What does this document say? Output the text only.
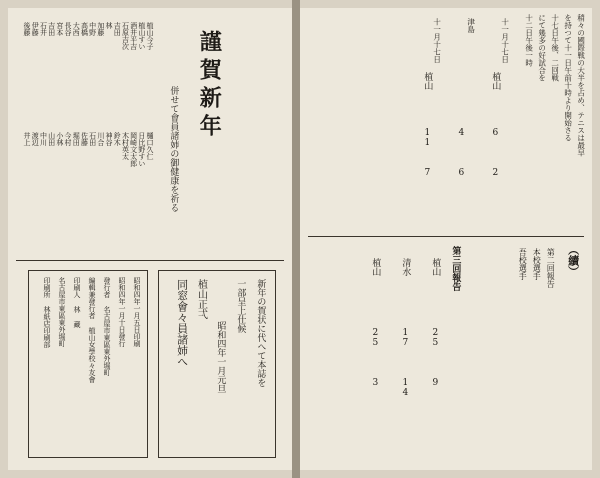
植山今子
樋口久仁
植山すい
日比野すい
酒井平吉
岡崎文太郎
石原吉次
木村英太
吉田
鈴木
林
神谷
加藤
川合
中野
石田
高橋
佐藤
大西
堀田
長谷
今村
宮本
小林
吉田
山田
石井
中川
伊藤
渡辺
後藤
井上	謹賀新年
併せて會員諸姉の御健康を祈る
新年の賀状に代へて本誌を
一部呈上仕候
昭和四年一月元旦
植山正弌
同窓會々員諸姉へ
昭和四年一月五日印刷
昭和四年一月十日發行
發行者 名古屋市東區東外堀町
編輯兼發行者 植山女學校々友會
印刷人 林 藏
名古屋市東區東外堀町
印刷所 林紙店印刷部
稍々の國際戦の大半を占め、テニスは最早
を持つて十一日午前十時より開始さる
十七日午後、二回戦
にて幾多の好試合を
十二日午後一時
十一月十七日
植山
6
2
津島
4
6
十一月十七日
植山
11
7
（續）
第二回報告
本校選手
吾校選手
第三回報告
植山
25
9
清水
17
14
植山
25
3
